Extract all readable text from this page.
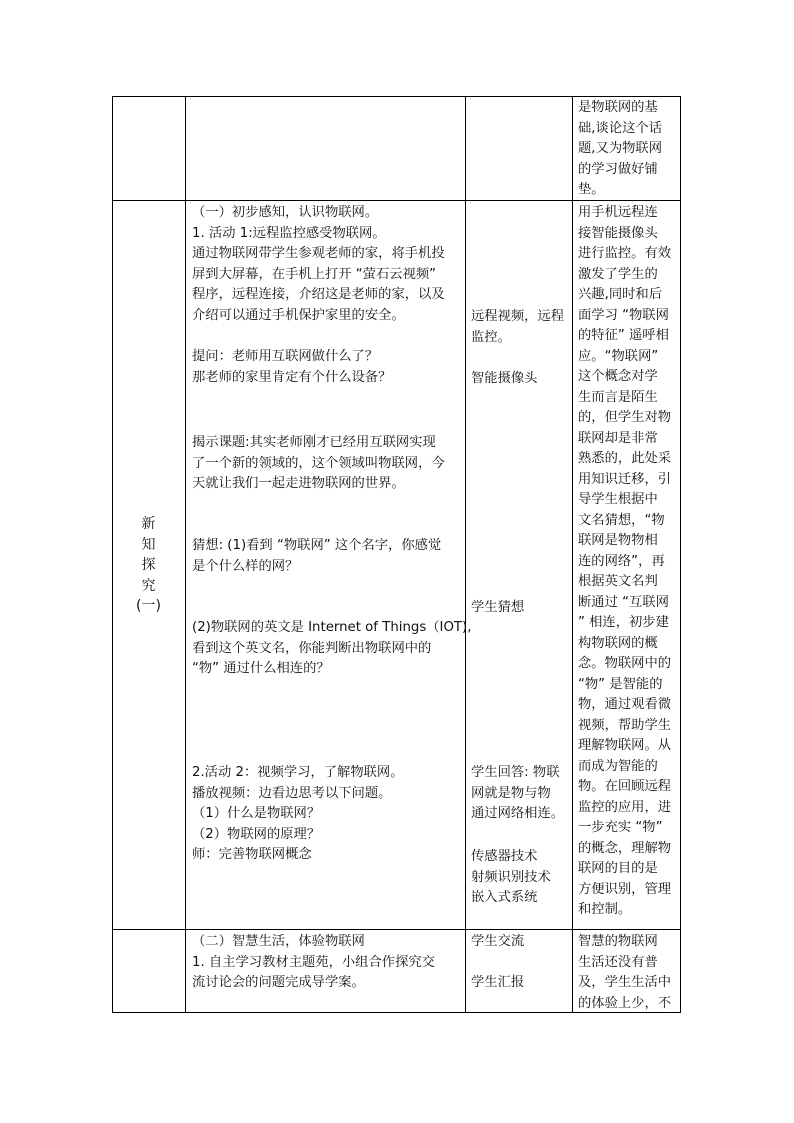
是物联网的基
础,谈论这个话
题,又为物联网
的学习做好铺
垫。
新
知
探
究
(一)
（一）初步感知，认识物联网。
1. 活动 1:远程监控感受物联网。
通过物联网带学生参观老师的家，将手机投
屏到大屏幕，在手机上打开 “萤石云视频”
程序，远程连接，介绍这是老师的家，以及
介绍可以通过手机保护家里的安全。
提问：老师用互联网做什么了？
那老师的家里肯定有个什么设备？
揭示课题:其实老师刚才已经用互联网实现
了一个新的领域的，这个领域叫物联网，今
天就让我们一起走进物联网的世界。
猜想: (1)看到 “物联网” 这个名字，你感觉
是个什么样的网？
(2)物联网的英文是 Internet of Things（IOT),
看到这个英文名，你能判断出物联网中的
“物” 通过什么相连的？
2.活动 2：视频学习，了解物联网。
播放视频：边看边思考以下问题。
（1）什么是物联网？
（2）物联网的原理？
师：完善物联网概念
远程视频，远程
监控。
智能摄像头
学生猜想
学生回答: 物联
网就是物与物
通过网络相连。
传感器技术
射频识别技术
嵌入式系统
用手机远程连
接智能摄像头
进行监控。有效
激发了学生的
兴趣,同时和后
面学习 “物联网
的特征” 遥呼相
应。“物联网”
这个概念对学
生而言是陌生
的，但学生对物
联网却是非常
熟悉的，此处采
用知识迁移，引
导学生根据中
文名猜想，“物
联网是物物相
连的网络”，再
根据英文名判
断通过 “互联网
” 相连，初步建
构物联网的概
念。物联网中的
“物” 是智能的
物，通过观看微
视频，帮助学生
理解物联网。从
而成为智能的
物。在回顾远程
监控的应用，进
一步充实 “物”
的概念，理解物
联网的目的是
方便识别，管理
和控制。
（二）智慧生活，体验物联网
1. 自主学习教材主题苑，小组合作探究交
流讨论会的问题完成导学案。
学生交流
学生汇报
智慧的物联网
生活还没有普
及，学生生活中
的体验上少，不
